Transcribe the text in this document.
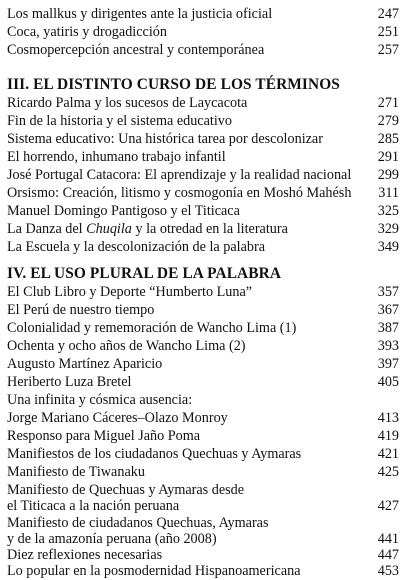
Los mallkus y dirigentes ante la justicia oficial	247
Coca, yatiris y drogadicción	251
Cosmopercepción ancestral y contemporánea	257
III. EL DISTINTO CURSO DE LOS TÉRMINOS
Ricardo Palma y los sucesos de Laycacota	271
Fin de la historia y el sistema educativo	279
Sistema educativo: Una histórica tarea por descolonizar	285
El horrendo, inhumano trabajo infantil	291
José Portugal Catacora: El aprendizaje y la realidad nacional	299
Orsismo: Creación, litismo y cosmogonía en Moshó Mahésh	311
Manuel Domingo Pantigoso y el Titicaca	325
La Danza del Chuqila y la otredad en la literatura	329
La Escuela y la descolonización de la palabra	349
IV. EL USO PLURAL DE LA PALABRA
El Club Libro y Deporte “Humberto Luna”	357
El Perú de nuestro tiempo	367
Colonialidad y rememoración de Wancho Lima (1)	387
Ochenta y ocho años de Wancho Lima (2)	393
Augusto Martínez Aparicio	397
Heriberto Luza Bretel	405
Una infinita y cósmica ausencia:
Jorge Mariano Cáceres–Olazo Monroy	413
Responso para Miguel Jaño Poma	419
Manifiestos de los ciudadanos Quechuas y Aymaras	421
Manifiesto de Tiwanaku	425
Manifiesto de Quechuas y Aymaras desde
el Titicaca a la nación peruana	427
Manifiesto de ciudadanos Quechuas, Aymaras
y de la amazonía peruana (año 2008)	441
Diez reflexiones necesarias	447
Lo popular en la posmodernidad Hispanoamericana	453
